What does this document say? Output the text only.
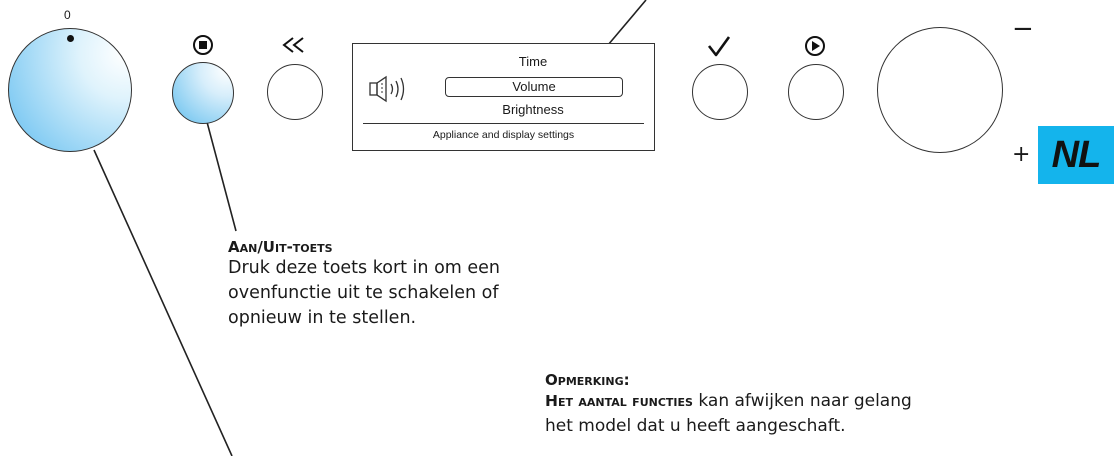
0
Time
Volume
Brightness
Appliance and display settings
−
+ NL
Aan/Uit-toets
Druk deze toets kort in om een
ovenfunctie uit te schakelen of
opnieuw in te stellen.
Opmerking:
Het aantal functies kan afwijken naar gelang
het model dat u heeft aangeschaft.
